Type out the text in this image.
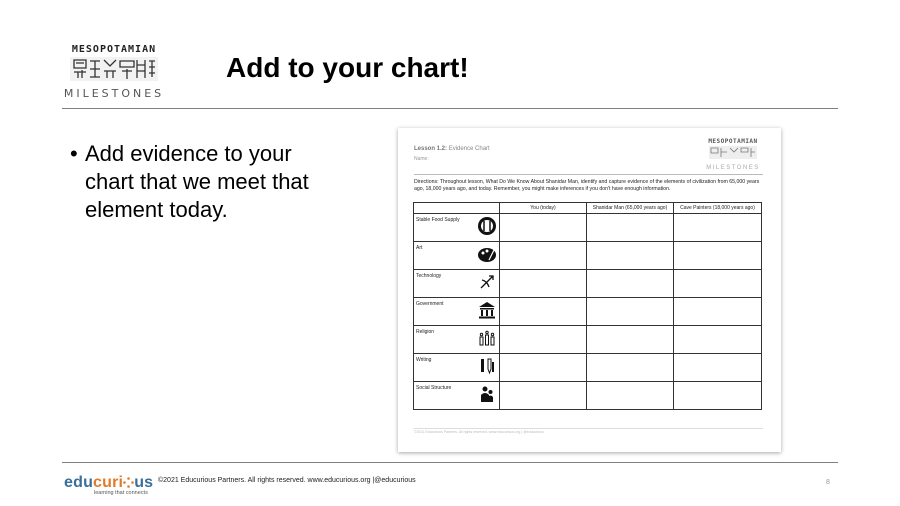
MESOPOTAMIAN
MILESTONES
Add to your chart!
• Add evidence to your chart that we meet that element today.
Lesson 1.2: Evidence Chart
Name:
MESOPOTAMIAN
MILESTONES
Directions: Throughout lesson, What Do We Know About Shanidar Man, identify and capture evidence of the elements of civilization from 65,000 years ago, 18,000 years ago, and today. Remember, you might make inferences if you don't have enough information.
	You (today)	Shanidar Man (65,000 years ago)	Cave Painters (18,000 years ago)

Stable Food Supply			

Art			

Technology			

Government			

Religion			

Writing			

Social Structure			

©2021 Educurious Partners. All rights reserved. www.educurious.org | @educurious
educuri us
learning that connects
©2021 Educurious Partners. All rights reserved. www.educurious.org |@educurious	8
